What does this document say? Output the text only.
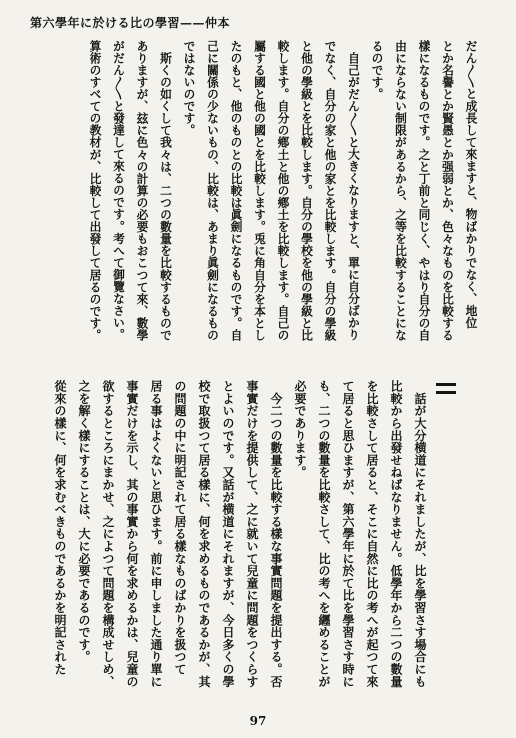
第六學年に於ける比の學習——仲本

だん〳〵と成長して來ますと、物ばかりでなく、地位

とか名譽とか賢愚とか强弱とか、色々なものを比較する

樣になるものです。之と丁前と同じく、やはり自分の自

由にならない制限があるから、之等を比較することにな

るのです。

　自己がだん〳〵と大きくなりますと、單に自分ばかり

でなく、自分の家と他の家とを比較します。自分の學級

と他の學級とを比較します。自分の學校を他の學級と比

較します。自分の鄕土と他の鄕土を比較します。自己の

屬する國と他の國とを比較します。兎に角自分を本とし

たのもと、他のものとの比較は眞劍になるものです。自

己に關係の少ないもの、比較は、あまり眞劍になるもの

ではないのです。

　斯くの如くして我々は、二つの數量を比較するもので

ありますが、玆に色々の計算の必要もおこつて來、數學

がだん〳〵と發達して來るのです。考へて御覽なさい。

算術のすべての教材が、比較して出發して居るのです。

　話が大分横道にそれましたが、比を學習さす場合にも

比較から出發せねばなりません。低學年から二つの數量

を比較さして居ると、そこに自然に比の考へが起つて來

て居ると思ひますが、第六學年に於て比を學習さす時に

も、二つの數量を比較さして、比の考へを纒めることが

必要であります。

　今二つの數量を比較する樣な事實問題を提出する。否

事實だけを提供して、之に就いて兒童に問題をつくらす

とよいのです。又話が横道にそれますが、今日多くの學

校で取扱つて居る樣に、何を求めるものであるかが、其

の問題の中に明記されて居る樣なものばかりを扱つて

居る事はよくないと思ひます。前に申しました通り單に

事實だけを示し、其の事實から何を求めるかは、兒童の

欲するところにまかせ、之によつて問題を構成せしめ、

之を解く樣にすることは、大に必要であるのです。

從來の樣に、何を求むべきものであるかを明記された

97
